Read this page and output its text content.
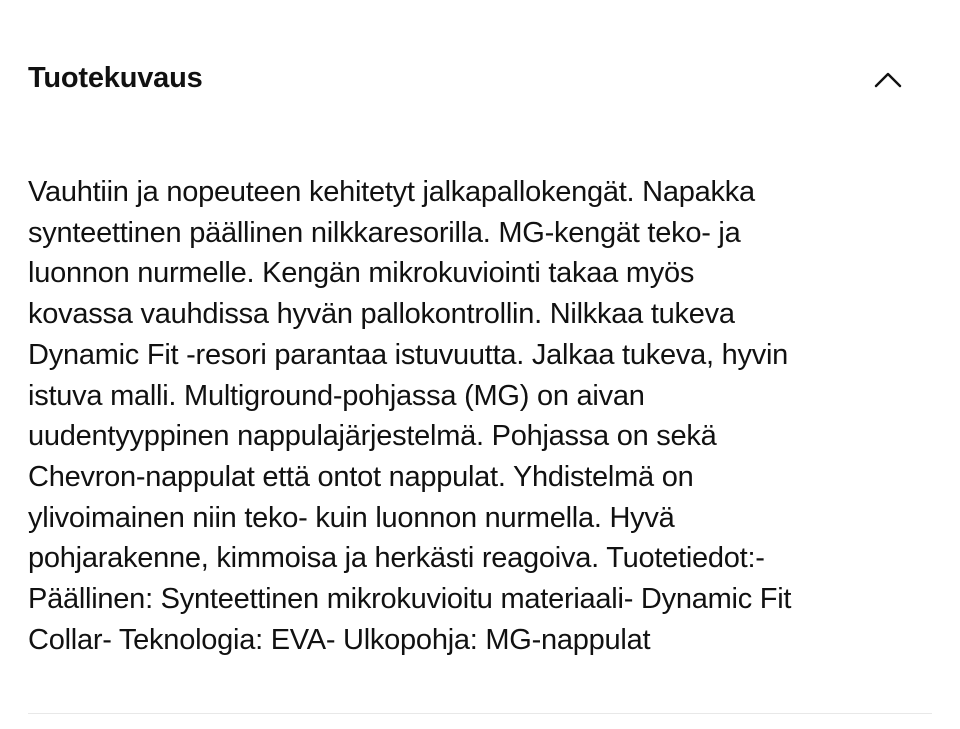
Tuotekuvaus

Vauhtiin ja nopeuteen kehitetyt jalkapallokengät. Napakka
synteettinen päällinen nilkkaresorilla. MG-kengät teko- ja
luonnon nurmelle. Kengän mikrokuviointi takaa myös
kovassa vauhdissa hyvän pallokontrollin. Nilkkaa tukeva
Dynamic Fit -resori parantaa istuvuutta. Jalkaa tukeva, hyvin
istuva malli. Multiground-pohjassa (MG) on aivan
uudentyyppinen nappulajärjestelmä. Pohjassa on sekä
Chevron-nappulat että ontot nappulat. Yhdistelmä on
ylivoimainen niin teko- kuin luonnon nurmella. Hyvä
pohjarakenne, kimmoisa ja herkästi reagoiva. Tuotetiedot:-
Päällinen: Synteettinen mikrokuvioitu materiaali- Dynamic Fit
Collar- Teknologia: EVA- Ulkopohja: MG-nappulat
